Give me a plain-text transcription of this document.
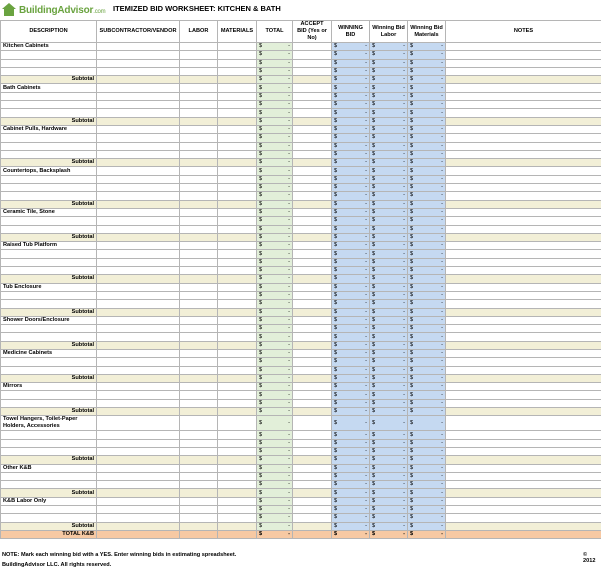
BuildingAdvisor.com ITEMIZED BID WORKSHEET: KITCHEN & BATH
DESCRIPTION	SUBCONTRACTOR/VENDOR	LABOR	MATERIALS	TOTAL	ACCEPT BID (Yes or No)	WINNING BID	Winning Bid Labor	Winning Bid Materials	NOTES
Kitchen Cabinets				$ -		$ -	$ -	$ -	

				$ -		$ -	$ -	$ -	

				$ -		$ -	$ -	$ -	

				$ -		$ -	$ -	$ -	

Subtotal				$ -		$ -	$ -	$ -	

Bath Cabinets				$ -		$ -	$ -	$ -	

				$ -		$ -	$ -	$ -	

				$ -		$ -	$ -	$ -	

				$ -		$ -	$ -	$ -	

Subtotal				$ -		$ -	$ -	$ -	

Cabinet Pulls, Hardware				$ -		$ -	$ -	$ -	

				$ -		$ -	$ -	$ -	

				$ -		$ -	$ -	$ -	

				$ -		$ -	$ -	$ -	

Subtotal				$ -		$ -	$ -	$ -	

Countertops, Backsplash				$ -		$ -	$ -	$ -	

				$ -		$ -	$ -	$ -	

				$ -		$ -	$ -	$ -	

				$ -		$ -	$ -	$ -	

Subtotal				$ -		$ -	$ -	$ -	

Ceramic Tile, Stone				$ -		$ -	$ -	$ -	

				$ -		$ -	$ -	$ -	

				$ -		$ -	$ -	$ -	

Subtotal				$ -		$ -	$ -	$ -	

Raised Tub Platform				$ -		$ -	$ -	$ -	

				$ -		$ -	$ -	$ -	

				$ -		$ -	$ -	$ -	

				$ -		$ -	$ -	$ -	

Subtotal				$ -		$ -	$ -	$ -	

Tub Enclosure				$ -		$ -	$ -	$ -	

				$ -		$ -	$ -	$ -	

				$ -		$ -	$ -	$ -	

Subtotal				$ -		$ -	$ -	$ -	

Shower Doors/Enclosure				$ -		$ -	$ -	$ -	

				$ -		$ -	$ -	$ -	

				$ -		$ -	$ -	$ -	

Subtotal				$ -		$ -	$ -	$ -	

Medicine Cabinets				$ -		$ -	$ -	$ -	

				$ -		$ -	$ -	$ -	

				$ -		$ -	$ -	$ -	

Subtotal				$ -		$ -	$ -	$ -	

Mirrors				$ -		$ -	$ -	$ -	

				$ -		$ -	$ -	$ -	

				$ -		$ -	$ -	$ -	

Subtotal				$ -		$ -	$ -	$ -	

Towel Hangers, Toilet-Paper Holders, Accessories				$ -		$ -	$ -	$ -	

				$ -		$ -	$ -	$ -	

				$ -		$ -	$ -	$ -	

				$ -		$ -	$ -	$ -	

Subtotal				$ -		$ -	$ -	$ -	

Other K&B				$ -		$ -	$ -	$ -	

				$ -		$ -	$ -	$ -	

				$ -		$ -	$ -	$ -	

Subtotal				$ -		$ -	$ -	$ -	

K&B Labor Only				$ -		$ -	$ -	$ -	

				$ -		$ -	$ -	$ -	

				$ -		$ -	$ -	$ -	

Subtotal				$ -		$ -	$ -	$ -	

TOTAL K&B				$ -		$ -	$ -	$ -	

NOTE: Mark each winning bid with a YES. Enter winning bids in estimating spreadsheet.	© 2012
BuildingAdvisor LLC. All rights reserved.
